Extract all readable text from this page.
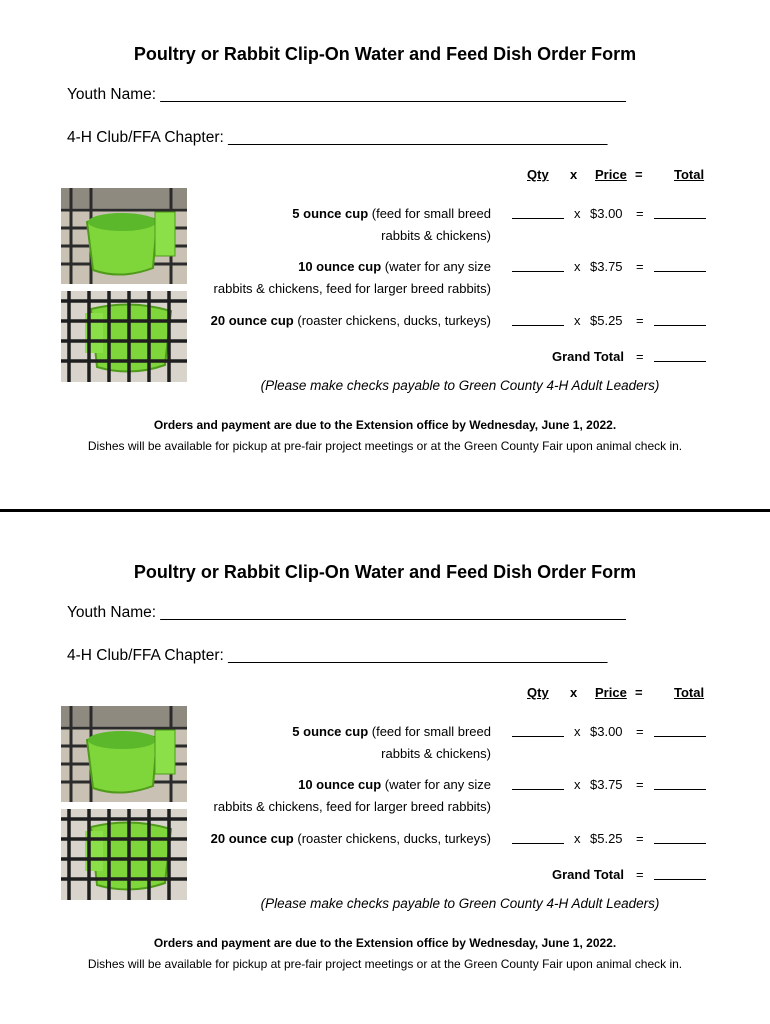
Poultry or Rabbit Clip-On Water and Feed Dish Order Form
Youth Name: ______________________________________________________
4-H Club/FFA Chapter: ____________________________________________
Qty x Price = Total
5 ounce cup (feed for small breed
rabbits & chickens)
x $3.00 =
10 ounce cup (water for any size
rabbits & chickens, feed for larger breed rabbits)
x $3.75 =
20 ounce cup (roaster chickens, ducks, turkeys)	x $5.25 =
Grand Total =
(Please make checks payable to Green County 4-H Adult Leaders)
Orders and payment are due to the Extension office by Wednesday, June 1, 2022.
Dishes will be available for pickup at pre-fair project meetings or at the Green County Fair upon animal check in.
Poultry or Rabbit Clip-On Water and Feed Dish Order Form
Youth Name: ______________________________________________________
4-H Club/FFA Chapter: ____________________________________________
Qty x Price = Total
5 ounce cup (feed for small breed
rabbits & chickens)
x $3.00 =
10 ounce cup (water for any size
rabbits & chickens, feed for larger breed rabbits)
x $3.75 =
20 ounce cup (roaster chickens, ducks, turkeys)	x $5.25 =
Grand Total =
(Please make checks payable to Green County 4-H Adult Leaders)
Orders and payment are due to the Extension office by Wednesday, June 1, 2022.
Dishes will be available for pickup at pre-fair project meetings or at the Green County Fair upon animal check in.
